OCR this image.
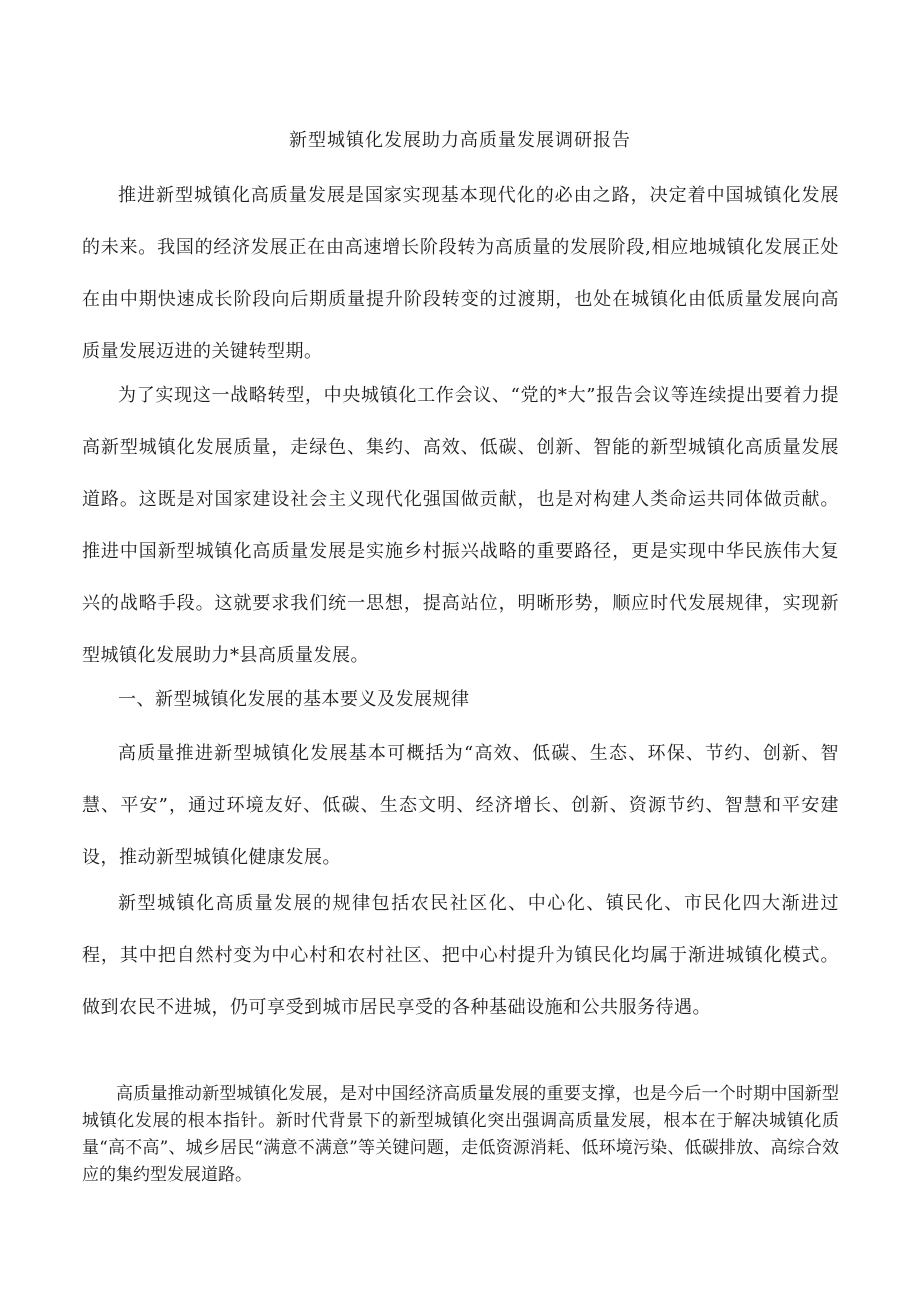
新型城镇化发展助力高质量发展调研报告

推进新型城镇化高质量发展是国家实现基本现代化的必由之路，决定着中国城镇化发展的未来。我国的经济发展正在由高速增长阶段转为高质量的发展阶段,相应地城镇化发展正处在由中期快速成长阶段向后期质量提升阶段转变的过渡期，也处在城镇化由低质量发展向高质量发展迈进的关键转型期。

为了实现这一战略转型，中央城镇化工作会议、“党的*大”报告会议等连续提出要着力提高新型城镇化发展质量，走绿色、集约、高效、低碳、创新、智能的新型城镇化高质量发展道路。这既是对国家建设社会主义现代化强国做贡献，也是对构建人类命运共同体做贡献。推进中国新型城镇化高质量发展是实施乡村振兴战略的重要路径，更是实现中华民族伟大复兴的战略手段。这就要求我们统一思想，提高站位，明晰形势，顺应时代发展规律，实现新型城镇化发展助力*县高质量发展。

一、新型城镇化发展的基本要义及发展规律

高质量推进新型城镇化发展基本可概括为“高效、低碳、生态、环保、节约、创新、智慧、平安”，通过环境友好、低碳、生态文明、经济增长、创新、资源节约、智慧和平安建设，推动新型城镇化健康发展。

新型城镇化高质量发展的规律包括农民社区化、中心化、镇民化、市民化四大渐进过程，其中把自然村变为中心村和农村社区、把中心村提升为镇民化均属于渐进城镇化模式。做到农民不进城，仍可享受到城市居民享受的各种基础设施和公共服务待遇。

高质量推动新型城镇化发展，是对中国经济高质量发展的重要支撑，也是今后一个时期中国新型城镇化发展的根本指针。新时代背景下的新型城镇化突出强调高质量发展，根本在于解决城镇化质量“高不高”、城乡居民“满意不满意”等关键问题，走低资源消耗、低环境污染、低碳排放、高综合效应的集约型发展道路。
